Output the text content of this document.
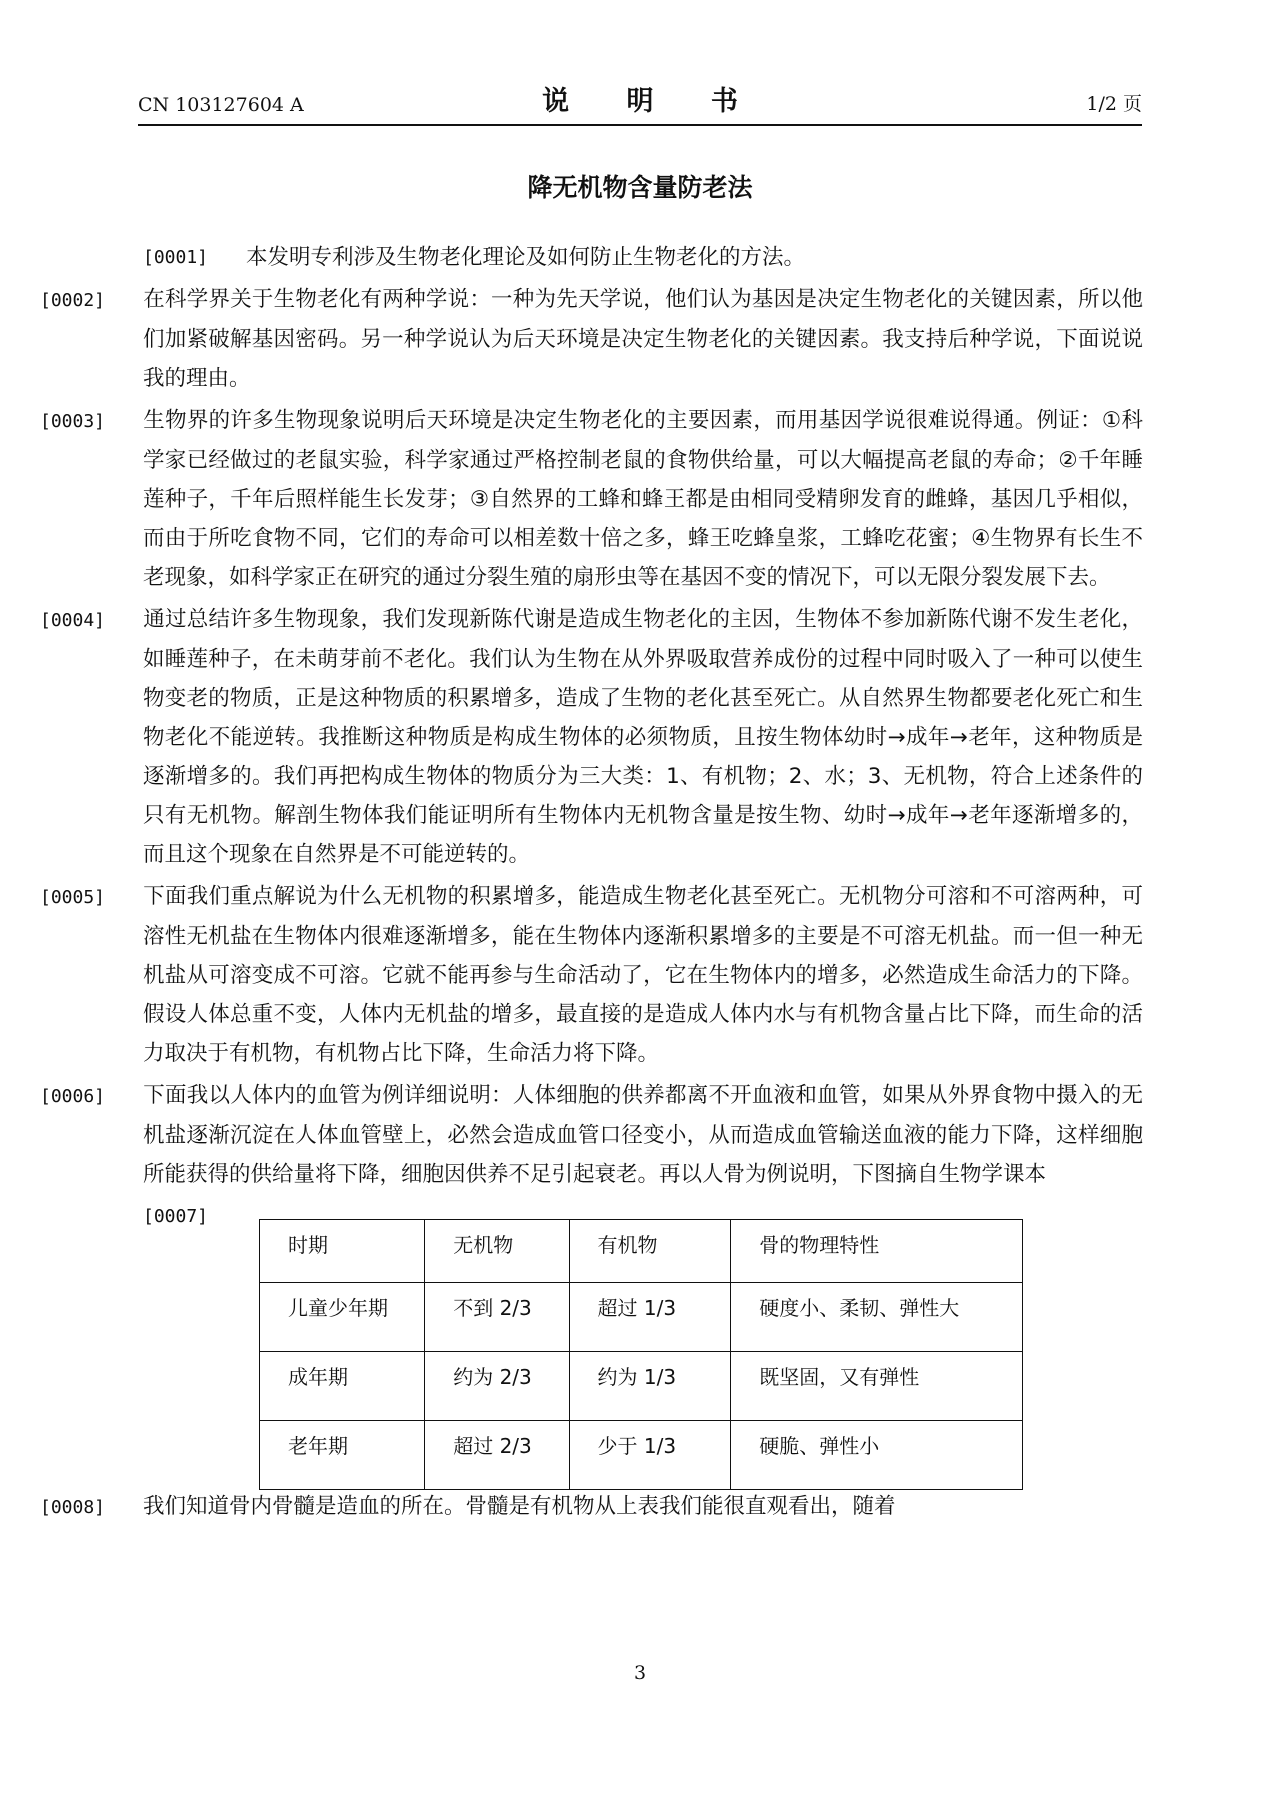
CN 103127604 A	说 明 书	1/2 页
降无机物含量防老法
[0001] 本发明专利涉及生物老化理论及如何防止生物老化的方法。
[0002] 在科学界关于生物老化有两种学说：一种为先天学说，他们认为基因是决定生物老化的关键因素，所以他们加紧破解基因密码。另一种学说认为后天环境是决定生物老化的关键因素。我支持后种学说，下面说说我的理由。
[0003] 生物界的许多生物现象说明后天环境是决定生物老化的主要因素，而用基因学说很难说得通。例证：①科学家已经做过的老鼠实验，科学家通过严格控制老鼠的食物供给量，可以大幅提高老鼠的寿命；②千年睡莲种子，千年后照样能生长发芽；③自然界的工蜂和蜂王都是由相同受精卵发育的雌蜂，基因几乎相似，而由于所吃食物不同，它们的寿命可以相差数十倍之多，蜂王吃蜂皇浆，工蜂吃花蜜；④生物界有长生不老现象，如科学家正在研究的通过分裂生殖的扇形虫等在基因不变的情况下，可以无限分裂发展下去。
[0004] 通过总结许多生物现象，我们发现新陈代谢是造成生物老化的主因，生物体不参加新陈代谢不发生老化，如睡莲种子，在未萌芽前不老化。我们认为生物在从外界吸取营养成份的过程中同时吸入了一种可以使生物变老的物质，正是这种物质的积累增多，造成了生物的老化甚至死亡。从自然界生物都要老化死亡和生物老化不能逆转。我推断这种物质是构成生物体的必须物质，且按生物体幼时→成年→老年，这种物质是逐渐增多的。我们再把构成生物体的物质分为三大类：1、有机物；2、水；3、无机物，符合上述条件的只有无机物。解剖生物体我们能证明所有生物体内无机物含量是按生物、幼时→成年→老年逐渐增多的，而且这个现象在自然界是不可能逆转的。
[0005] 下面我们重点解说为什么无机物的积累增多，能造成生物老化甚至死亡。无机物分可溶和不可溶两种，可溶性无机盐在生物体内很难逐渐增多，能在生物体内逐渐积累增多的主要是不可溶无机盐。而一但一种无机盐从可溶变成不可溶。它就不能再参与生命活动了，它在生物体内的增多，必然造成生命活力的下降。假设人体总重不变，人体内无机盐的增多，最直接的是造成人体内水与有机物含量占比下降，而生命的活力取决于有机物，有机物占比下降，生命活力将下降。
[0006] 下面我以人体内的血管为例详细说明：人体细胞的供养都离不开血液和血管，如果从外界食物中摄入的无机盐逐渐沉淀在人体血管壁上，必然会造成血管口径变小，从而造成血管输送血液的能力下降，这样细胞所能获得的供给量将下降，细胞因供养不足引起衰老。再以人骨为例说明，下图摘自生物学课本
[0007]
时期	无机物	有机物	骨的物理特性
儿童少年期	不到 2/3	超过 1/3	硬度小、柔韧、弹性大
成年期	约为 2/3	约为 1/3	既坚固，又有弹性
老年期	超过 2/3	少于 1/3	硬脆、弹性小
[0008] 我们知道骨内骨髓是造血的所在。骨髓是有机物从上表我们能很直观看出，随着
3
